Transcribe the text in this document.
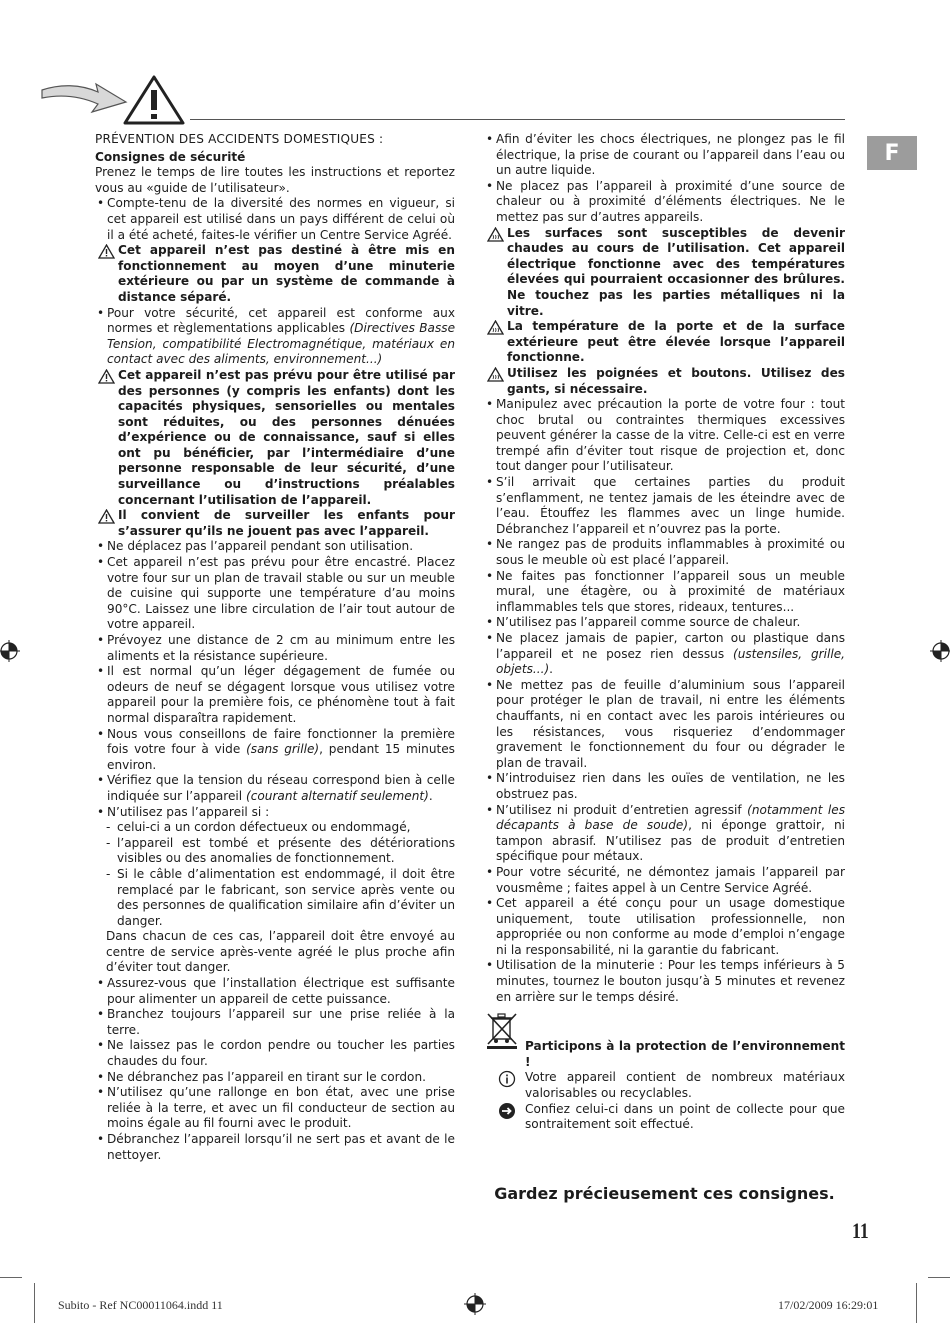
F

PRÉVENTION DES ACCIDENTS DOMESTIQUES :

Consignes de sécurité

Prenez le temps de lire toutes les instructions et reportez vous au «guide de l’utilisateur».

• Compte-tenu de la diversité des normes en vigueur, si cet appareil est utilisé dans un pays différent de celui où il a été acheté, faites-le vérifier un Centre Service Agréé.

Cet appareil n’est pas destiné à être mis en fonctionnement au moyen d’une minuterie extérieure ou par un système de commande à distance séparé.

• Pour votre sécurité, cet appareil est conforme aux normes et règlementations applicables (Directives Basse Tension, compatibilité Electromagnétique, matériaux en contact avec des aliments, environnement...)

Cet appareil n’est pas prévu pour être utilisé par des personnes (y compris les enfants) dont les capacités physiques, sensorielles ou mentales sont réduites, ou des personnes dénuées d’expérience ou de connaissance, sauf si elles ont pu bénéficier, par l’intermédiaire d’une personne responsable de leur sécurité, d’une surveillance ou d’instructions préalables concernant l’utilisation de l’appareil.

Il convient de surveiller les enfants pour s’assurer qu’ils ne jouent pas avec l’appareil.

• Ne déplacez pas l’appareil pendant son utilisation.

• Cet appareil n’est pas prévu pour être encastré. Placez votre four sur un plan de travail stable ou sur un meuble de cuisine qui supporte une température d’au moins 90°C. Laissez une libre circulation de l’air tout autour de votre appareil.

• Prévoyez une distance de 2 cm au minimum entre les aliments et la résistance supérieure.

• Il est normal qu’un léger dégagement de fumée ou odeurs de neuf se dégagent lorsque vous utilisez votre appareil pour la première fois, ce phénomène tout à fait normal disparaîtra rapidement.

• Nous vous conseillons de faire fonctionner la première fois votre four à vide (sans grille), pendant 15 minutes environ.

• Vérifiez que la tension du réseau correspond bien à celle indiquée sur l’appareil (courant alternatif seulement).

• N’utilisez pas l’appareil si :

- celui-ci a un cordon défectueux ou endommagé,

- l’appareil est tombé et présente des détériorations visibles ou des anomalies de fonctionnement.

- Si le câble d’alimentation est endommagé, il doit être remplacé par le fabricant, son service après vente ou des personnes de qualification similaire afin d’éviter un danger.

Dans chacun de ces cas, l’appareil doit être envoyé au centre de service après-vente agréé le plus proche afin d’éviter tout danger.

• Assurez-vous que l’installation électrique est suffisante pour alimenter un appareil de cette puissance.

• Branchez toujours l’appareil sur une prise reliée à la terre.

• Ne laissez pas le cordon pendre ou toucher les parties chaudes du four.

• Ne débranchez pas l’appareil en tirant sur le cordon.

• N’utilisez qu’une rallonge en bon état, avec une prise reliée à la terre, et avec un fil conducteur de section au moins égale au fil fourni avec le produit.

• Débranchez l’appareil lorsqu’il ne sert pas et avant de le nettoyer.

• Afin d’éviter les chocs électriques, ne plongez pas le fil électrique, la prise de courant ou l’appareil dans l’eau ou un autre liquide.

• Ne placez pas l’appareil à proximité d’une source de chaleur ou à proximité d’éléments électriques. Ne le mettez pas sur d’autres appareils.

Les surfaces sont susceptibles de devenir chaudes au cours de l’utilisation. Cet appareil électrique fonctionne avec des températures élevées qui pourraient occasionner des brûlures. Ne touchez pas les parties métalliques ni la vitre.

La température de la porte et de la surface extérieure peut être élevée lorsque l’appareil fonctionne.

Utilisez les poignées et boutons. Utilisez des gants, si nécessaire.

• Manipulez avec précaution la porte de votre four : tout choc brutal ou contraintes thermiques excessives peuvent générer la casse de la vitre. Celle-ci est en verre trempé afin d’éviter tout risque de projection et, donc tout danger pour l’utilisateur.

• S’il arrivait que certaines parties du produit s’enflamment, ne tentez jamais de les éteindre avec de l’eau. Étouffez les flammes avec un linge humide. Débranchez l’appareil et n’ouvrez pas la porte.

• Ne rangez pas de produits inflammables à proximité ou sous le meuble où est placé l’appareil.

• Ne faites pas fonctionner l’appareil sous un meuble mural, une étagère, ou à proximité de matériaux inflammables tels que stores, rideaux, tentures...

• N’utilisez pas l’appareil comme source de chaleur.

• Ne placez jamais de papier, carton ou plastique dans l’appareil et ne posez rien dessus (ustensiles, grille, objets...).

• Ne mettez pas de feuille d’aluminium sous l’appareil pour protéger le plan de travail, ni entre les éléments chauffants, ni en contact avec les parois intérieures ou les résistances, vous risqueriez d’endommager gravement le fonctionnement du four ou dégrader le plan de travail.

• N’introduisez rien dans les ouïes de ventilation, ne les obstruez pas.

• N’utilisez ni produit d’entretien agressif (notamment les décapants à base de soude), ni éponge grattoir, ni tampon abrasif. N’utilisez pas de produit d’entretien spécifique pour métaux.

• Pour votre sécurité, ne démontez jamais l’appareil par vousmême ; faites appel à un Centre Service Agréé.

• Cet appareil a été conçu pour un usage domestique uniquement, toute utilisation professionnelle, non appropriée ou non conforme au mode d’emploi n’engage ni la responsabilité, ni la garantie du fabricant.

• Utilisation de la minuterie : Pour les temps inférieurs à 5 minutes, tournez le bouton jusqu’à 5 minutes et revenez en arrière sur le temps désiré.

Participons à la protection de l’environnement !

Votre appareil contient de nombreux matériaux valorisables ou recyclables.

Confiez celui-ci dans un point de collecte pour que sontraitement soit effectué.

Gardez précieusement ces consignes.
11
Subito - Ref NC00011064.indd 11	17/02/2009 16:29:01
